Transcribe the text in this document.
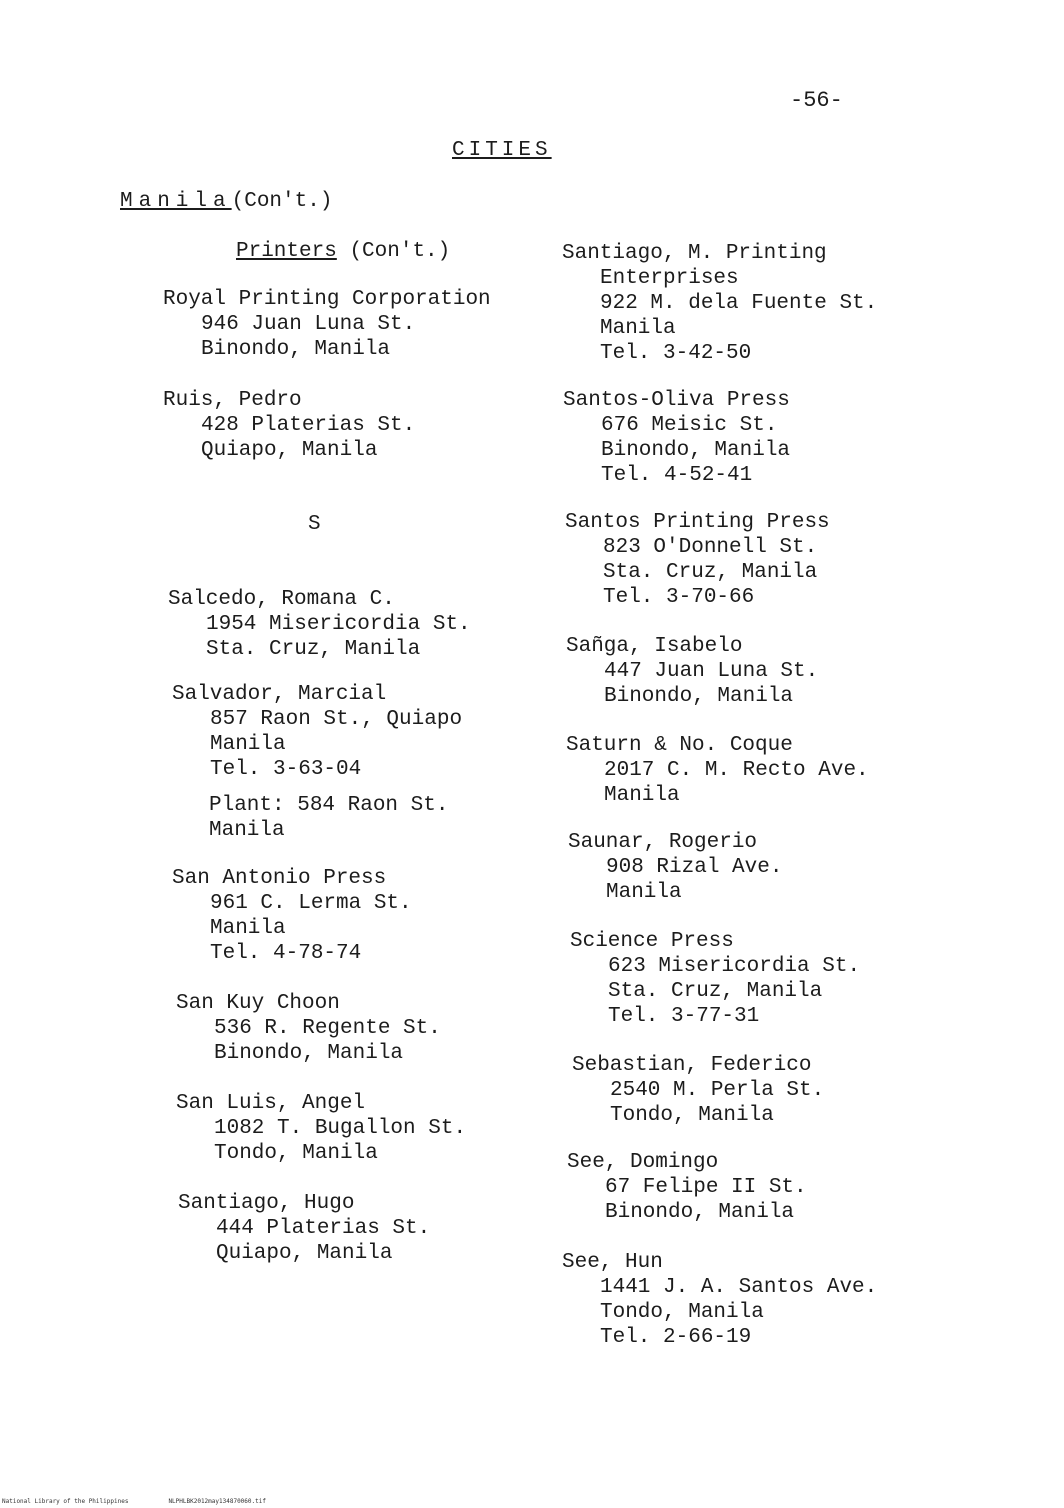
-56-
CITIES
Manila(Con't.)
Printers (Con't.)
S
National Library of the Philippines	NLPHLBK2012may134870060.tif
Royal Printing Corporation
946 Juan Luna St.
Binondo, Manila
Ruis, Pedro
428 Platerias St.
Quiapo, Manila
Salcedo, Romana C.
1954 Misericordia St.
Sta. Cruz, Manila
Salvador, Marcial
857 Raon St., Quiapo
Manila
Tel. 3-63-04
Plant: 584 Raon St.
Manila
San Antonio Press
961 C. Lerma St.
Manila
Tel. 4-78-74
San Kuy Choon
536 R. Regente St.
Binondo, Manila
San Luis, Angel
1082 T. Bugallon St.
Tondo, Manila
Santiago, Hugo
444 Platerias St.
Quiapo, Manila
Santiago, M. Printing
Enterprises
922 M. dela Fuente St.
Manila
Tel. 3-42-50
Santos-Oliva Press
676 Meisic St.
Binondo, Manila
Tel. 4-52-41
Santos Printing Press
823 O'Donnell St.
Sta. Cruz, Manila
Tel. 3-70-66
Sañga, Isabelo
447 Juan Luna St.
Binondo, Manila
Saturn & No. Coque
2017 C. M. Recto Ave.
Manila
Saunar, Rogerio
908 Rizal Ave.
Manila
Science Press
623 Misericordia St.
Sta. Cruz, Manila
Tel. 3-77-31
Sebastian, Federico
2540 M. Perla St.
Tondo, Manila
See, Domingo
67 Felipe II St.
Binondo, Manila
See, Hun
1441 J. A. Santos Ave.
Tondo, Manila
Tel. 2-66-19
